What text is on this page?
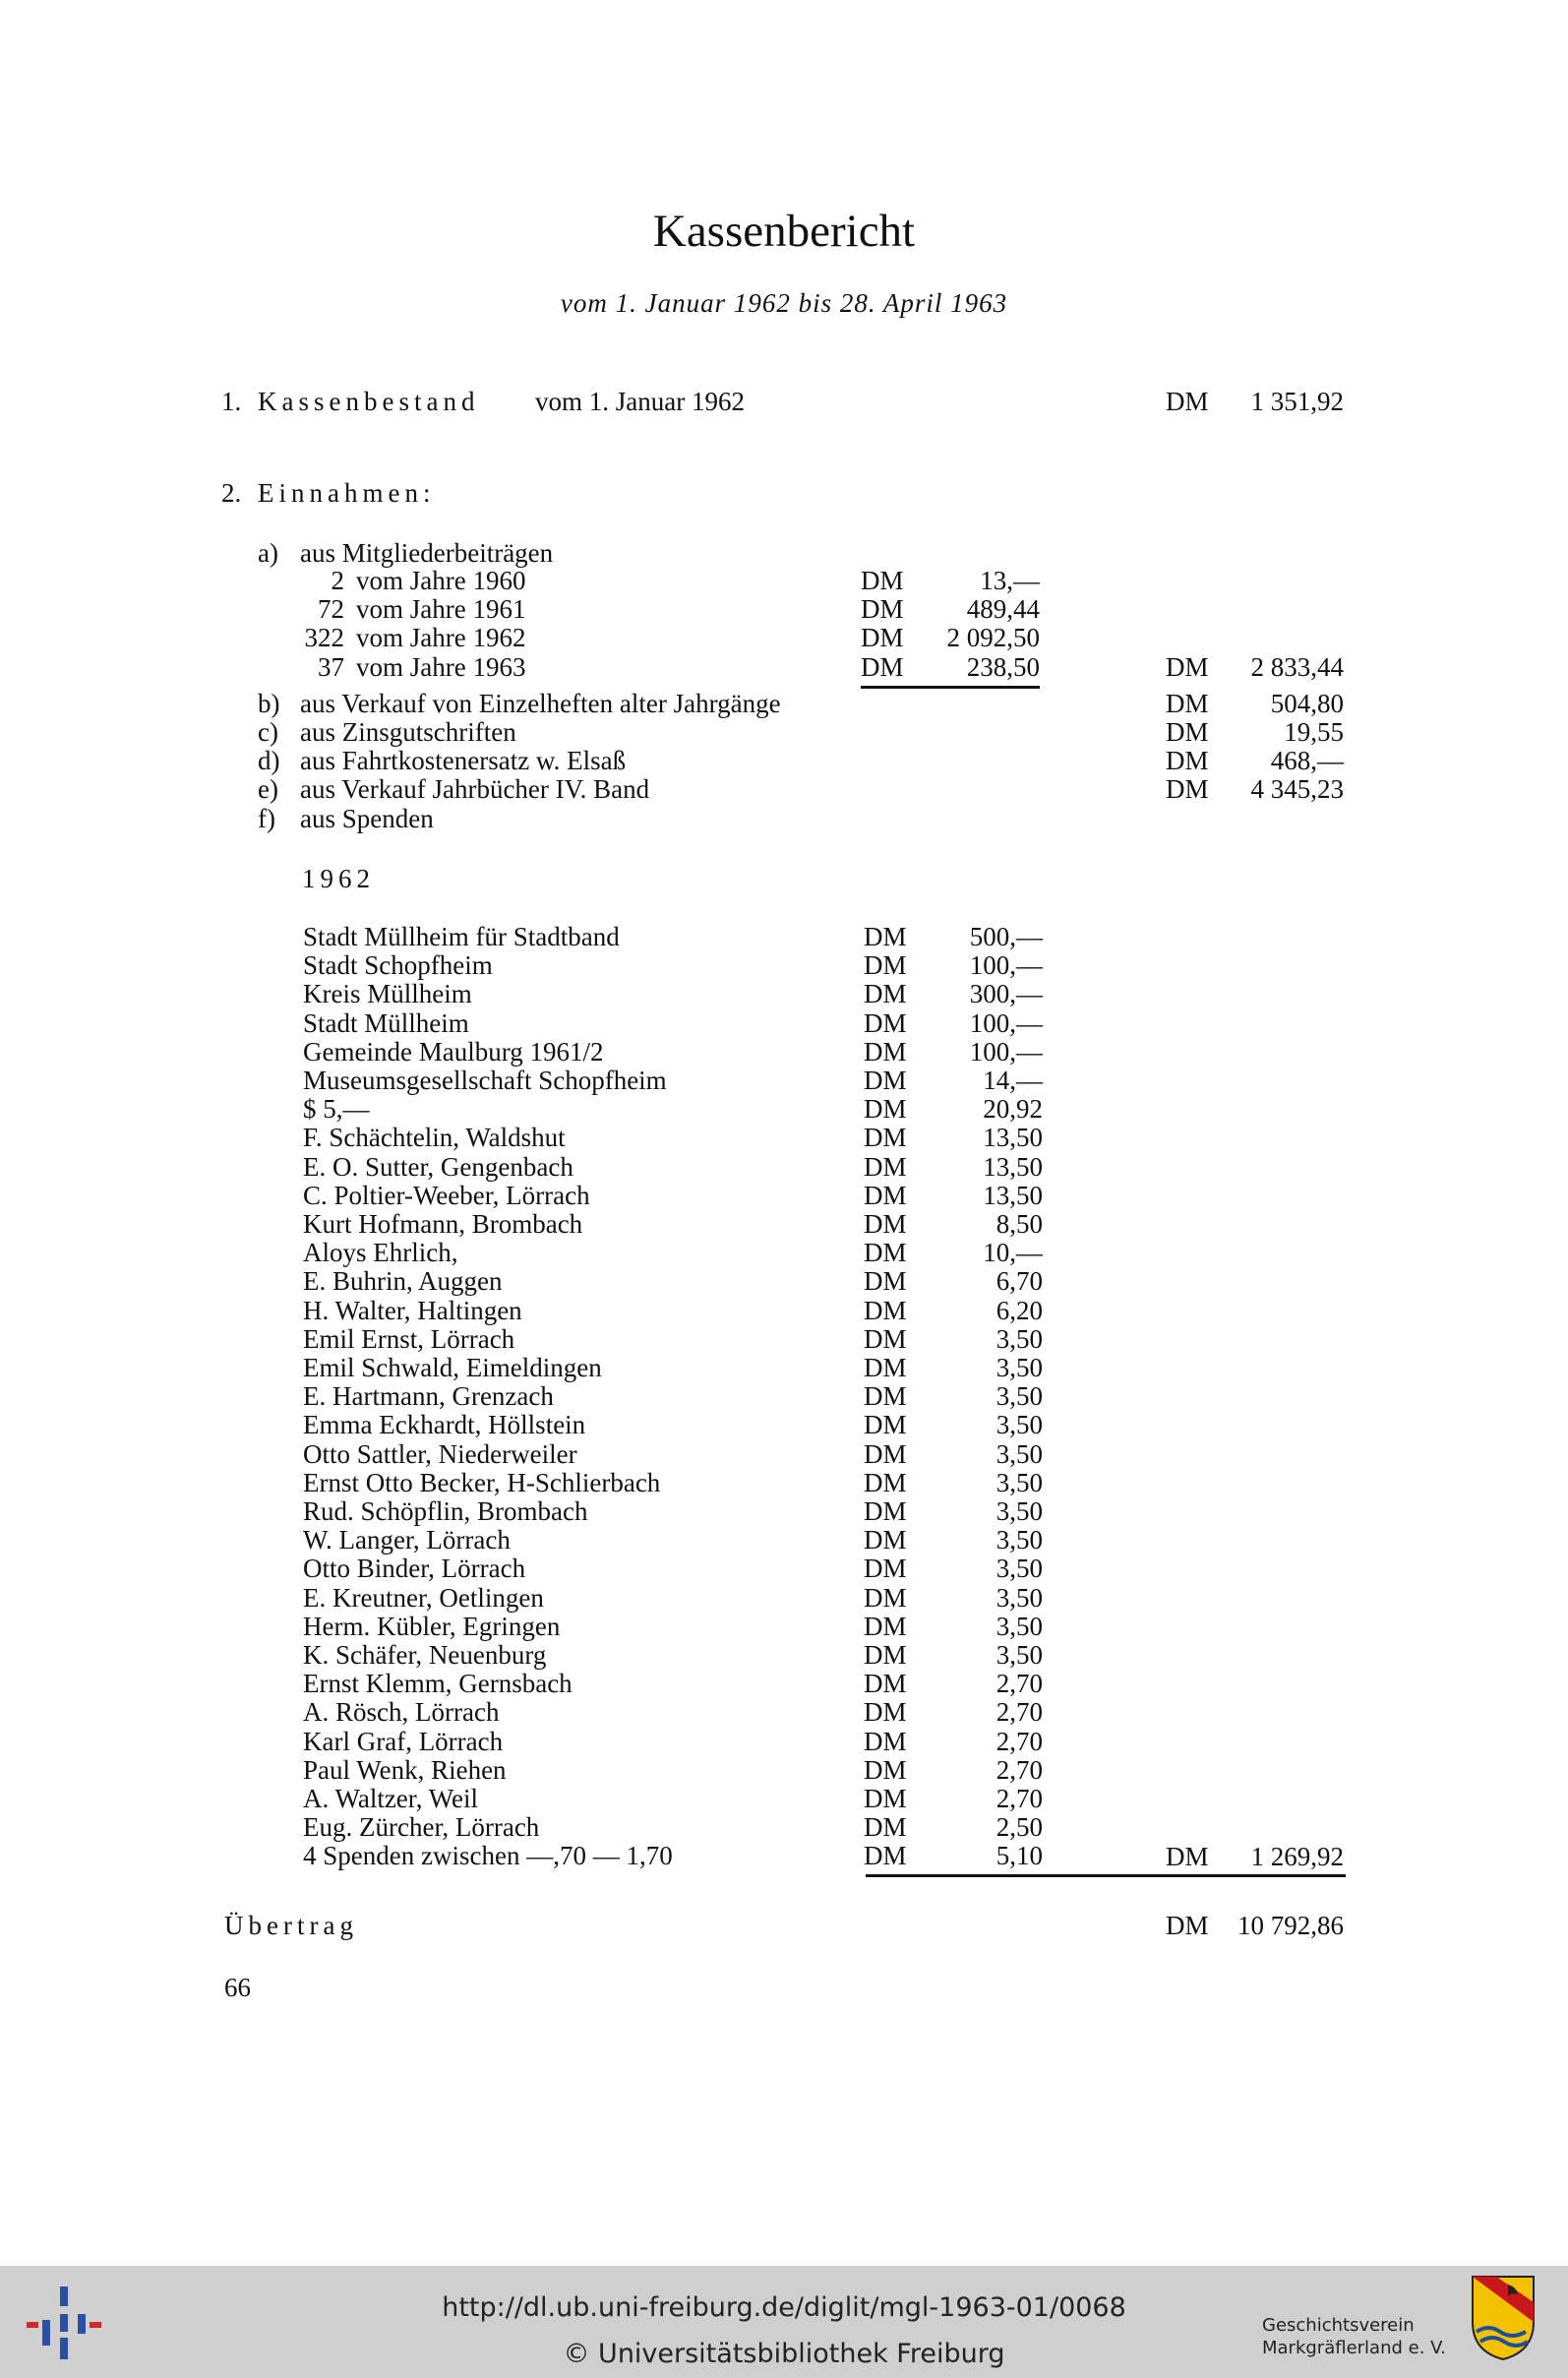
Kassenbericht
vom 1. Januar 1962 bis 28. April 1963
1. Kassenbestand vom 1. Januar 1962	DM 1 351,92
2. Einnahmen:
a) aus Mitgliederbeiträgen
2 vom Jahre 1960	DM	13,—
72 vom Jahre 1961	DM 489,44
322 vom Jahre 1962	DM 2 092,50
37 vom Jahre 1963	DM 238,50	DM 2 833,44
b) aus Verkauf von Einzelheften alter Jahrgänge	DM 504,80
c) aus Zinsgutschriften	DM	19,55
d) aus Fahrtkostenersatz w. Elsaß	DM 468,—
e) aus Verkauf Jahrbücher IV. Band	DM 4 345,23
f) aus Spenden
1962
Stadt Müllheim für Stadtband	DM 500,—
Stadt Schopfheim	DM 100,—
Kreis Müllheim	DM 300,—
Stadt Müllheim	DM 100,—
Gemeinde Maulburg 1961/2	DM 100,—
Museumsgesellschaft Schopfheim	DM	14,—
$ 5,—	DM	20,92
F. Schächtelin, Waldshut	DM	13,50
E. O. Sutter, Gengenbach	DM	13,50
C. Poltier-Weeber, Lörrach	DM	13,50
Kurt Hofmann, Brombach	DM	8,50
Aloys Ehrlich,	DM	10,—
E. Buhrin, Auggen	DM	6,70
H. Walter, Haltingen	DM	6,20
Emil Ernst, Lörrach	DM	3,50
Emil Schwald, Eimeldingen	DM	3,50
E. Hartmann, Grenzach	DM	3,50
Emma Eckhardt, Höllstein	DM	3,50
Otto Sattler, Niederweiler	DM	3,50
Ernst Otto Becker, H-Schlierbach	DM	3,50
Rud. Schöpflin, Brombach	DM	3,50
W. Langer, Lörrach	DM	3,50
Otto Binder, Lörrach	DM	3,50
E. Kreutner, Oetlingen	DM	3,50
Herm. Kübler, Egringen	DM	3,50
K. Schäfer, Neuenburg	DM	3,50
Ernst Klemm, Gernsbach	DM	2,70
A. Rösch, Lörrach	DM	2,70
Karl Graf, Lörrach	DM	2,70
Paul Wenk, Riehen	DM	2,70
A. Waltzer, Weil	DM	2,70
Eug. Zürcher, Lörrach	DM	2,50
4 Spenden zwischen —,70 — 1,70	DM	5,10	DM 1 269,92
Übertrag	DM 10 792,86
66
http://dl.ub.uni-freiburg.de/diglit/mgl-1963-01/0068
© Universitätsbibliothek Freiburg
Geschichtsverein
Markgräflerland e. V.
